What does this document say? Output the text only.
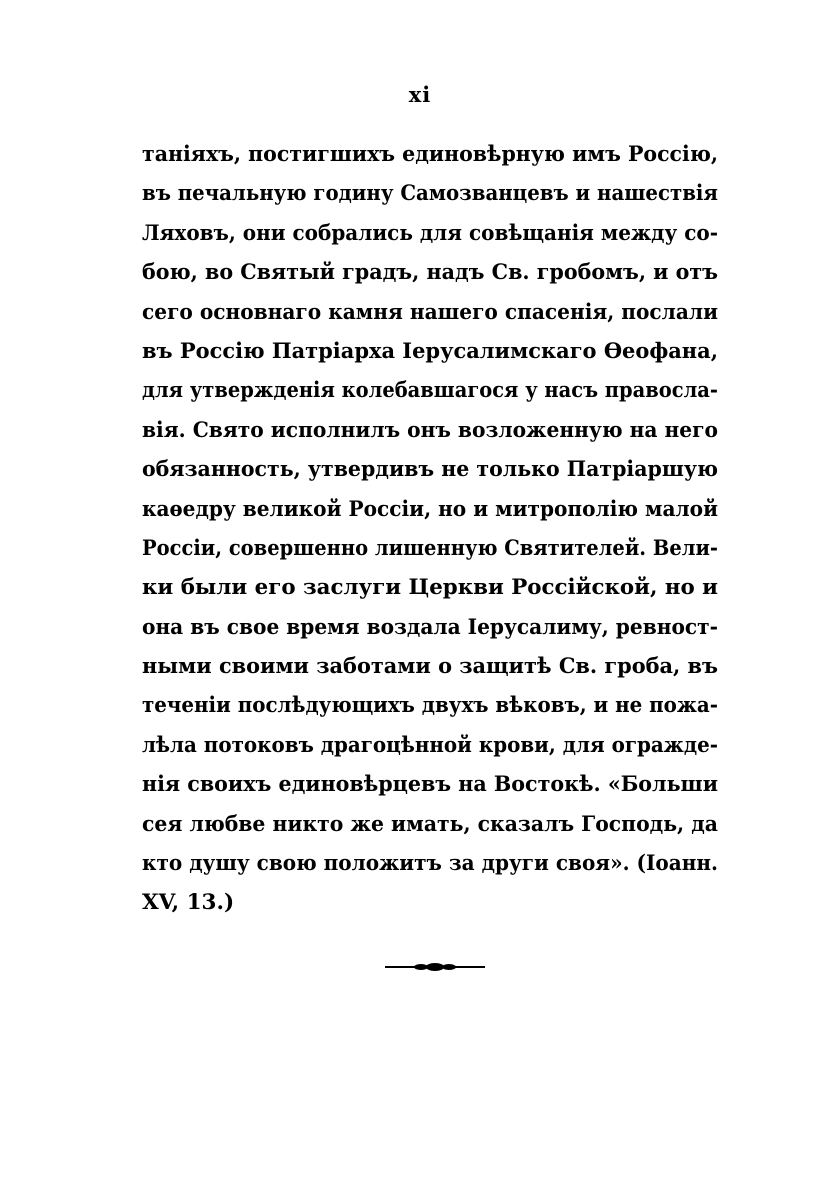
xi
таніяхъ, постигшихъ единовѣрную имъ Россію,
въ печальную годину Самозванцевъ и нашествія
Ляховъ, они собрались для совѣщанія между со-
бою, во Святый градъ, надъ Св. гробомъ, и отъ
сего основнаго камня нашего спасенія, послали
въ Россію Патріарха Іерусалимскаго Ѳеофана,
для утвержденія колебавшагося у насъ правосла-
вія. Свято исполнилъ онъ возложенную на него
обязанность, утвердивъ не только Патріаршую
каѳедру великой Россіи, но и митрополію малой
Россіи, совершенно лишенную Святителей. Вели-
ки были его заслуги Церкви Россійской, но и
она въ свое время воздала Іерусалиму, ревност-
ными своими заботами о защитѣ Св. гроба, въ
теченіи послѣдующихъ двухъ вѣковъ, и не пожа-
лѣла потоковъ драгоцѣнной крови, для огражде-
нія своихъ единовѣрцевъ на Востокѣ. «Больши
сея любве никто же имать, сказалъ Господь, да
кто душу свою положитъ за други своя». (Іоанн.
XV, 13.)
